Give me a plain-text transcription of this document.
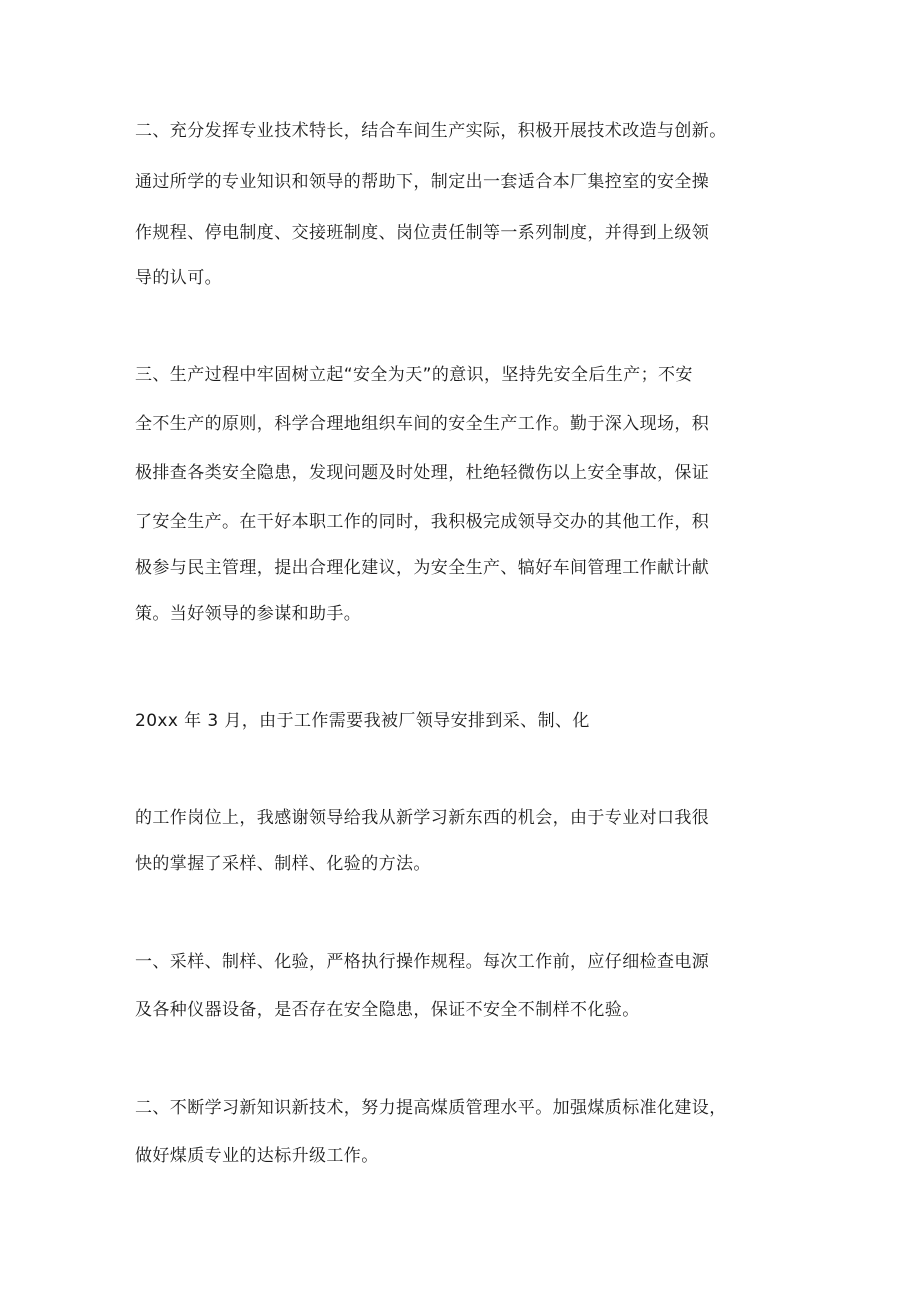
二、充分发挥专业技术特长，结合车间生产实际，积极开展技术改造与创新。
通过所学的专业知识和领导的帮助下，制定出一套适合本厂集控室的安全操
作规程、停电制度、交接班制度、岗位责任制等一系列制度，并得到上级领
导的认可。
三、生产过程中牢固树立起“安全为天”的意识，坚持先安全后生产；不安
全不生产的原则，科学合理地组织车间的安全生产工作。勤于深入现场，积
极排查各类安全隐患，发现问题及时处理，杜绝轻微伤以上安全事故，保证
了安全生产。在干好本职工作的同时，我积极完成领导交办的其他工作，积
极参与民主管理，提出合理化建议，为安全生产、犒好车间管理工作献计献
策。当好领导的参谋和助手。
20xx 年 3 月，由于工作需要我被厂领导安排到采、制、化
的工作岗位上，我感谢领导给我从新学习新东西的机会，由于专业对口我很
快的掌握了采样、制样、化验的方法。
一、采样、制样、化验，严格执行操作规程。每次工作前，应仔细检查电源
及各种仪器设备，是否存在安全隐患，保证不安全不制样不化验。
二、不断学习新知识新技术，努力提高煤质管理水平。加强煤质标准化建设，
做好煤质专业的达标升级工作。
